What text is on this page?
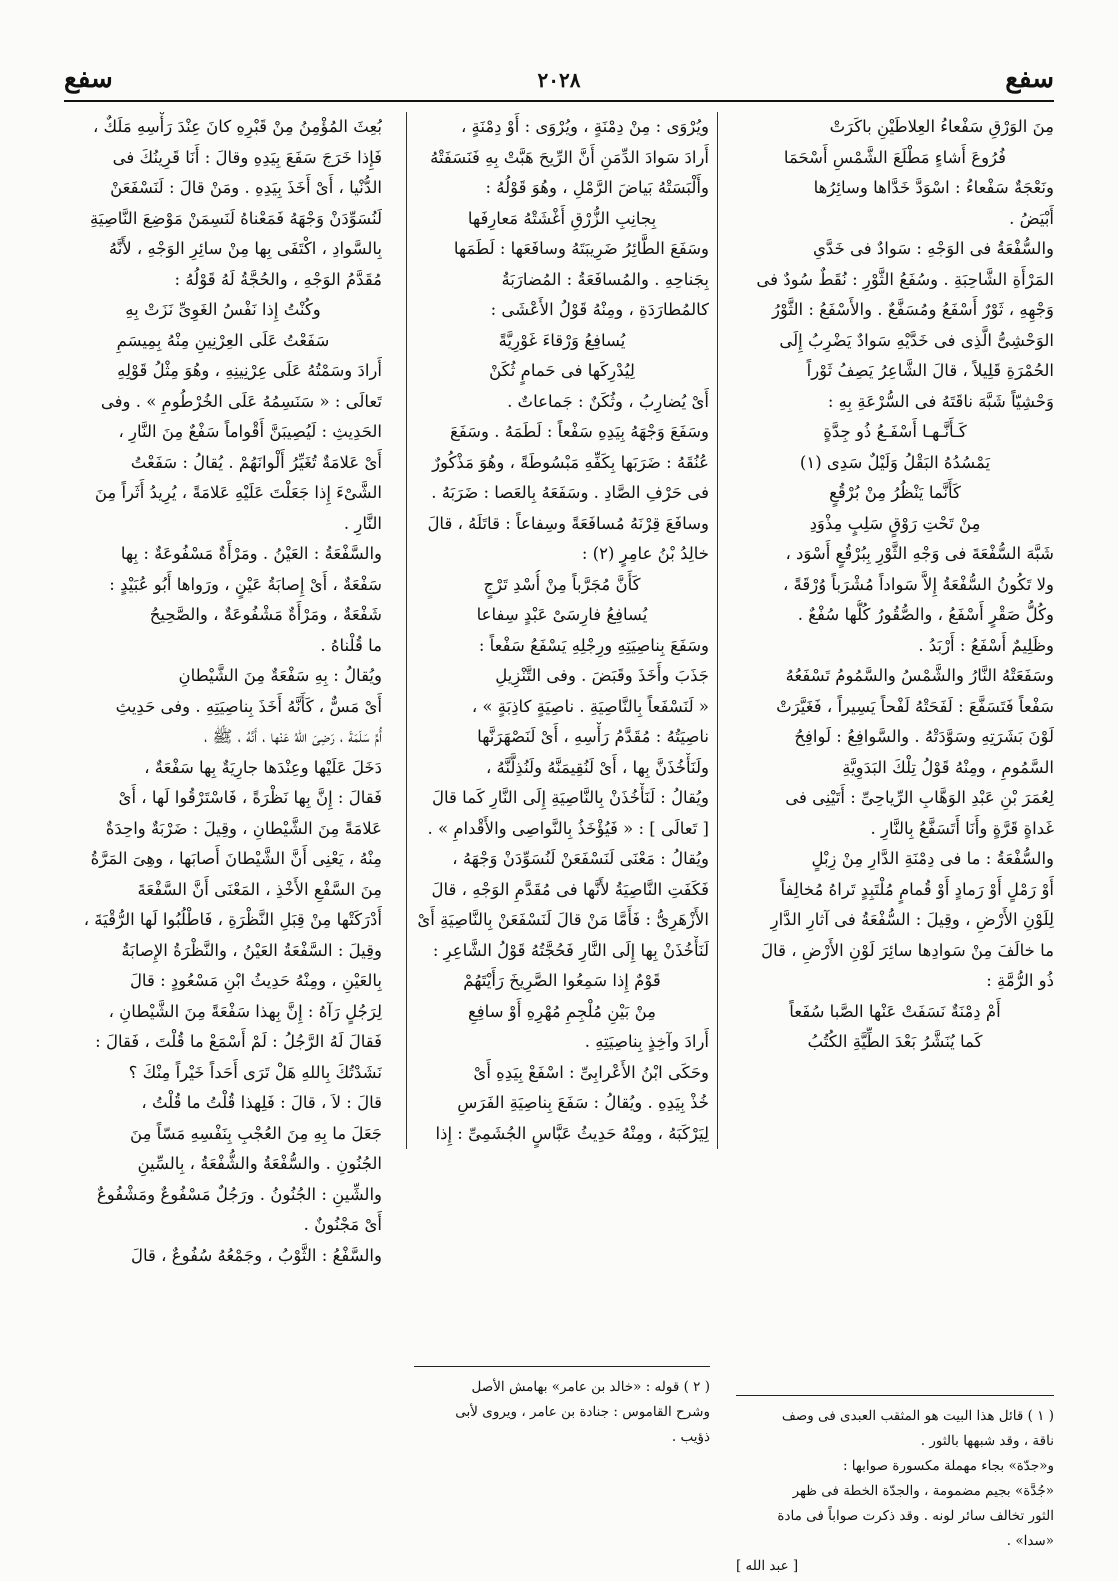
سفع
٢٠٢٨
سفع
مِنَ الوَرْقِ سَفْعاءُ العِلاطَيْنِ باكَرَتْ
فُرُوعَ أَشاءٍ مَطْلَعَ الشَّمْسِ أَسْحَمَا
ونَعْجَةٌ سَفْعاءُ : اسْوَدَّ خَدَّاها وسائِرُها
أَبْيَضُ .
والسُّفْعَةُ فى الوَجْهِ : سَوادٌ فى خَدَّىِ
المَرْأَةِ الشَّاحِبَةِ . وسُفَعُ الثَّوْرِ : نُقَطٌ سُودٌ فى
وَجْهِهِ ، ثَوْرٌ أَسْفَعُ ومُسَفَّعٌ . والأَسْفَعُ : الثَّوْرُ
الوَحْشِىُّ الَّذِى فى خَدَّيْهِ سَوادٌ يَضْرِبُ إِلَى
الحُمْرَةِ قَلِيلاً ، قالَ الشَّاعِرُ يَصِفُ ثَوْراً
وَحْشِيّاً شَبَّهَ ناقَتَهُ فى السُّرْعَةِ بِهِ :
كَـأَنَّـهـا أَسْفَـعُ ذُو جِدَّةٍ
يَمْسُدُهُ البَقْلُ وَلَيْلٌ سَدِى (١)
كَأَنَّما يَنْظُرُ مِنْ بُرْقُعٍ
مِنْ تَحْتِ رَوْقٍ سَلِبٍ مِذْوَدِ
شَبَّهَ السُّفْعَةَ فى وَجْهِ الثَّوْرِ بِبُرْقُعٍ أَسْوَد ،
ولا تَكُونُ السُّفْعَةُ إِلاَّ سَواداً مُشْرَباً وُرْقَةً ،
وكُلُّ صَقْرٍ أَسْفَعُ ، والصُّقُورُ كُلُّها سُفْعٌ .
وظَلِيمٌ أَسْفَعُ : أَرْبَدُ .
وسَفَعَتْهُ النَّارُ والشَّمْسُ والسَّمُومُ تَسْفَعُهُ
سَفْعاً فَتَسَفَّعَ : لَفَحَتْهُ لَفْحاً يَسِيراً ، فَغَيَّرَتْ
لَوْنَ بَشَرَتِهِ وسَوَّدَتْهُ . والسَّوافِعُ : لَوافِحُ
السَّمُومِ ، ومِنْهُ قَوْلُ تِلْكَ البَدَوِيَّةِ
لِعُمَرَ بْنِ عَبْدِ الوَهَّابِ الرِّياحِىِّ : أَتَيْنِى فى
غَداةٍ قَرَّةٍ وأَنَا أَتَسَفَّعُ بِالنَّارِ .
والسُّفْعَةُ : ما فى دِمْنَةِ الدَّارِ مِنْ زِبْلٍ
أَوْ رَمْلٍ أَوْ رَمادٍ أَوْ قُمامٍ مُلْتَبِدٍ تَراهُ مُخالِفاً
لِلَوْنِ الأَرْضِ ، وقِيلَ : السُّفْعَةُ فى آثارِ الدَّارِ
ما خالَفَ مِنْ سَوادِها سائِرَ لَوْنِ الأَرْضِ ، قالَ
ذُو الرُّمَّةِ :
أَمْ دِمْنَةٌ نَسَفَتْ عَنْها الصَّبا سُفَعاً
كَما يُنَشَّرُ بَعْدَ الطِّيَّةِ الكُتُبُ
ويُرْوَى : مِنْ دِمْنَةٍ ، ويُرْوَى : أَوْ دِمْنَةٍ ،
أَرادَ سَوادَ الدِّمَنِ أَنَّ الرِّيحَ هَبَّتْ بِهِ فَنَسَفَتْهُ
وأَلْبَسَتْهُ بَياضَ الرَّمْلِ ، وهُوَ قَوْلُهُ :
بِجانِبِ الزُّرْقِ أَغْشَتْهُ مَعارِفَها
وسَفَعَ الطَّائِرُ ضَرِيبَتَهُ وسافَعَها : لَطَمَها
بِجَناحِهِ . والمُسافَعَةُ : المُضارَبَةُ
كالمُطارَدَةِ ، ومِنْهُ قَوْلُ الأَعْشَى :
يُسافِعُ وَرْقاءَ غَوْرِيَّةً
لِيُدْرِكَها فى حَمامٍ ثُكَنْ
أَىْ يُضارِبُ ، وثُكَنٌ : جَماعاتٌ .
وسَفَعَ وَجْهَهُ بِيَدِهِ سَفْعاً : لَطَمَهُ . وسَفَعَ
عُنُقَهُ : ضَرَبَها بِكَفِّهِ مَبْسُوطَةً ، وهُوَ مَذْكُورٌ
فى حَرْفِ الصَّادِ . وسَفَعَهُ بِالعَصا : ضَرَبَهُ .
وسافَعَ قِرْنَهُ مُسافَعَةً وسِفاعاً : قاتَلَهُ ، قالَ
خالِدُ بْنُ عامِرٍ (٢) :
كَأَنَّ مُجَرَّباً مِنْ أُسْدِ تَرْجٍ
يُسافِعُ فارِسَىْ عَبْدٍ سِفاعا
وسَفَعَ بِناصِيَتِهِ ورِجْلِهِ يَسْفَعُ سَفْعاً :
جَذَبَ وأَخَذَ وقَبَضَ . وفى التَّنْزِيلِ
« لَنَسْفَعاً بِالنَّاصِيَةِ . ناصِيَةٍ كاذِبَةٍ » ،
ناصِيَتُهُ : مُقَدَّمُ رَأْسِهِ ، أَىْ لَنَصْهَرَنَّها
ولَنَأْخُذَنَّ بِها ، أَىْ لَنُقِيمَنَّهُ ولَنُذِلَّنَّهُ ،
ويُقالُ : لَنَأْخُذَنْ بِالنَّاصِيَةِ إِلَى النَّارِ كَما قالَ
[ تَعالَى ] : « فَيُؤْخَذُ بِالنَّواصِى والأَقْدامِ » .
ويُقالُ : مَعْنَى لَنَسْفَعَنْ لَنُسَوِّدَنْ وَجْهَهُ ،
فَكَفَتِ النَّاصِيَةُ لأَنَّها فى مُقَدَّمِ الوَجْهِ ، قالَ
الأَزْهَرِىُّ : فَأَمَّا مَنْ قالَ لَنَسْفَعَنْ بِالنَّاصِيَةِ أَىْ
لَنَأْخُذَنْ بِها إِلَى النَّارِ فَحُجَّتُهُ قَوْلُ الشَّاعِرِ :
قَوْمٌ إِذا سَمِعُوا الصَّرِيخَ رَأَيْتَهُمْ
مِنْ بَيْنِ مُلْجِمِ مُهْرِهِ أَوْ سافِعِ
أَرادَ وآخِذٍ بِناصِيَتِهِ .
وحَكَى ابْنُ الأَعْرابِىِّ : اسْفَعْ بِيَدِهِ أَىْ
خُذْ بِيَدِهِ . ويُقالُ : سَفَعَ بِناصِيَةِ الفَرَسِ
لِيَرْكَبَهُ ، ومِنْهُ حَدِيثُ عَبَّاسٍ الجُشَمِىِّ : إِذا
بُعِثَ المُؤْمِنُ مِنْ قَبْرِهِ كانَ عِنْدَ رَأْسِهِ مَلَكٌ ،
فَإِذا خَرَجَ سَفَعَ بِيَدِهِ وقالَ : أَنَا قَرِينُكَ فى
الدُّنْيا ، أَىْ أَخَذَ بِيَدِهِ . ومَنْ قالَ : لَنَسْفَعَنْ
لَنُسَوِّدَنْ وَجْهَهُ فَمَعْناهُ لَنَسِمَنْ مَوْضِعَ النَّاصِيَةِ
بِالسَّوادِ ، اكْتَفَى بِها مِنْ سائِرِ الوَجْهِ ، لأَنَّهُ
مُقَدَّمُ الوَجْهِ ، والحُجَّةُ لَهُ قَوْلُهُ :
وكُنْتُ إِذا نَفْسُ الغَوِىِّ نَزَتْ بِهِ
سَفَعْتُ عَلَى العِرْنِينِ مِنْهُ بِمِيسَمِ
أَرادَ وسَمْتُهُ عَلَى عِرْنِينِهِ ، وهُوَ مِثْلُ قَوْلِهِ
تَعالَى : « سَنَسِمُهُ عَلَى الخُرْطُومِ » . وفى
الحَدِيثِ : لَيُصِيبَنَّ أَقْواماً سَفْعٌ مِنَ النَّارِ ،
أَىْ عَلامَةٌ تُغَيِّرُ أَلْوانَهُمْ . يُقالُ : سَفَعْتُ
الشَّىْءَ إِذا جَعَلْتَ عَلَيْهِ عَلامَةً ، يُرِيدُ أَثَراً مِنَ
النَّارِ .
والسَّفْعَةُ : العَيْنُ . ومَرْأَةٌ مَسْفُوعَةٌ : بِها
سَفْعَةٌ ، أَىْ إِصابَةُ عَيْنٍ ، ورَواها أَبُو عُبَيْدٍ :
شَفْعَةٌ ، ومَرْأَةٌ مَشْفُوعَةٌ ، والصَّحِيحُ
ما قُلْناهُ .
ويُقالُ : بِهِ سَفْعَةٌ مِنَ الشَّيْطانِ
أَىْ مَسٌّ ، كَأَنَّهُ أَخَذَ بِناصِيَتِهِ . وفى حَدِيثِ
أُمِّ سَلَمَةَ ، رَضِىَ اللهُ عَنْها ، أَنَّهُ ، ﷺ ،
دَخَلَ عَلَيْها وعِنْدَها جارِيَةٌ بِها سَفْعَةٌ ،
فَقالَ : إِنَّ بِها نَظْرَةً ، فَاسْتَرْقُوا لَها ، أَىْ
عَلامَةً مِنَ الشَّيْطانِ ، وقِيلَ : ضَرْبَةٌ واحِدَةٌ
مِنْهُ ، يَعْنِى أَنَّ الشَّيْطانَ أَصابَها ، وهِىَ المَرَّةُ
مِنَ السَّفْعِ الأَخْذِ ، المَعْنَى أَنَّ السَّفْعَةَ
أَدْرَكَتْها مِنْ قِبَلِ النَّظْرَةِ ، فَاطْلُبُوا لَها الرُّقْيَةَ ،
وقِيلَ : السَّفْعَةُ العَيْنُ ، والنَّظْرَةُ الإِصابَةُ
بِالعَيْنِ ، ومِنْهُ حَدِيثُ ابْنِ مَسْعُودٍ : قالَ
لِرَجُلٍ رَآهُ : إِنَّ بِهذا سَفْعَةً مِنَ الشَّيْطانِ ،
فَقالَ لَهُ الرَّجُلُ : لَمْ أَسْمَعْ ما قُلْتَ ، فَقالَ :
نَشَدْتُكَ بِاللهِ هَلْ تَرَى أَحَداً خَيْراً مِنْكَ ؟
قالَ : لاَ ، قالَ : فَلِهذا قُلْتُ ما قُلْتُ ،
جَعَلَ ما بِهِ مِنَ العُجْبِ بِنَفْسِهِ مَسّاً مِنَ
الجُنُونِ . والسُّفْعَةُ والشُّفْعَةُ ، بِالسِّينِ
والشِّينِ : الجُنُونُ . ورَجُلٌ مَسْفُوعٌ ومَشْفُوعٌ
أَىْ مَجْنُونٌ .
والسَّفْعُ : الثَّوْبُ ، وجَمْعُهُ سُفُوعٌ ، قالَ
( ١ ) قائل هذا البيت هو المثقب العبدى فى وصف
ناقة ، وقد شبهها بالثور .
و«جدّة» بجاء مهملة مكسورة صوابها :
«جُدَّة» بجيم مضمومة ، والجدّة الخطة فى ظهر
الثور تخالف سائر لونه . وقد ذكرت صواباً فى مادة
«سدا» .
[ عبد الله ]
( ٢ ) قوله : «خالد بن عامر» بهامش الأصل
وشرح القاموس : جنادة بن عامر ، ويروى لأبى
ذؤيب .
